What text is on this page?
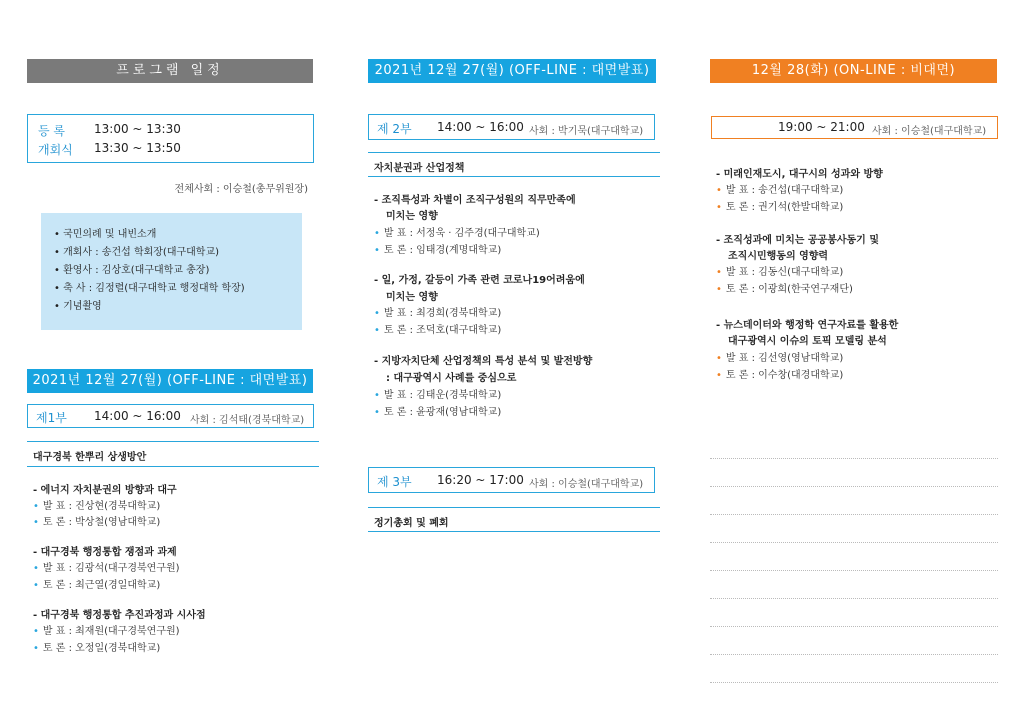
프로그램 일정
등 록 13:00 ~ 13:30
개회식 13:30 ~ 13:50
전체사회 : 이승철(총무위원장)
• 국민의례 및 내빈소개
• 개회사 : 송건섭 학회장(대구대학교)
• 환영사 : 김상호(대구대학교 총장)
• 축 사 : 김정렬(대구대학교 행정대학 학장)
• 기념촬영
2021년 12월 27(월) (OFF-LINE : 대면발표)
제1부 14:00 ~ 16:00 사회 : 김석태(경북대학교)
대구경북 한뿌리 상생방안
- 에너지 자치분권의 방향과 대구
• 발 표 : 진상현(경북대학교)
• 토 론 : 박상철(영남대학교)
- 대구경북 행정통합 쟁점과 과제
• 발 표 : 김광석(대구경북연구원)
• 토 론 : 최근열(경일대학교)
- 대구경북 행정통합 추진과정과 시사점
• 발 표 : 최재원(대구경북연구원)
• 토 론 : 오정일(경북대학교)
2021년 12월 27(월) (OFF-LINE : 대면발표)
제 2부 14:00 ~ 16:00 사회 : 박기묵(대구대학교)
자치분권과 산업정책
- 조직특성과 차별이 조직구성원의 직무만족에
미치는 영향
• 발 표 : 서정욱 · 김주경(대구대학교)
• 토 론 : 임태경(계명대학교)
- 일, 가정, 갈등이 가족 관련 코로나19어려움에
미치는 영향
• 발 표 : 최경희(경북대학교)
• 토 론 : 조덕호(대구대학교)
- 지방자치단체 산업정책의 특성 분석 및 발전방향
: 대구광역시 사례를 중심으로
• 발 표 : 김태운(경북대학교)
• 토 론 : 윤광재(영남대학교)
제 3부 16:20 ~ 17:00 사회 : 이승철(대구대학교)
정기총회 및 폐회
12월 28(화) (ON-LINE : 비대면)
19:00 ~ 21:00 사회 : 이승철(대구대학교)
- 미래인재도시, 대구시의 성과와 방향
• 발 표 : 송건섭(대구대학교)
• 토 론 : 권기석(한발대학교)
- 조직성과에 미치는 공공봉사동기 및
조직시민행동의 영향력
• 발 표 : 김동신(대구대학교)
• 토 론 : 이광희(한국연구재단)
- 뉴스데이터와 행정학 연구자료를 활용한
대구광역시 이슈의 토픽 모델링 분석
• 발 표 : 김선영(영남대학교)
• 토 론 : 이수창(대경대학교)
